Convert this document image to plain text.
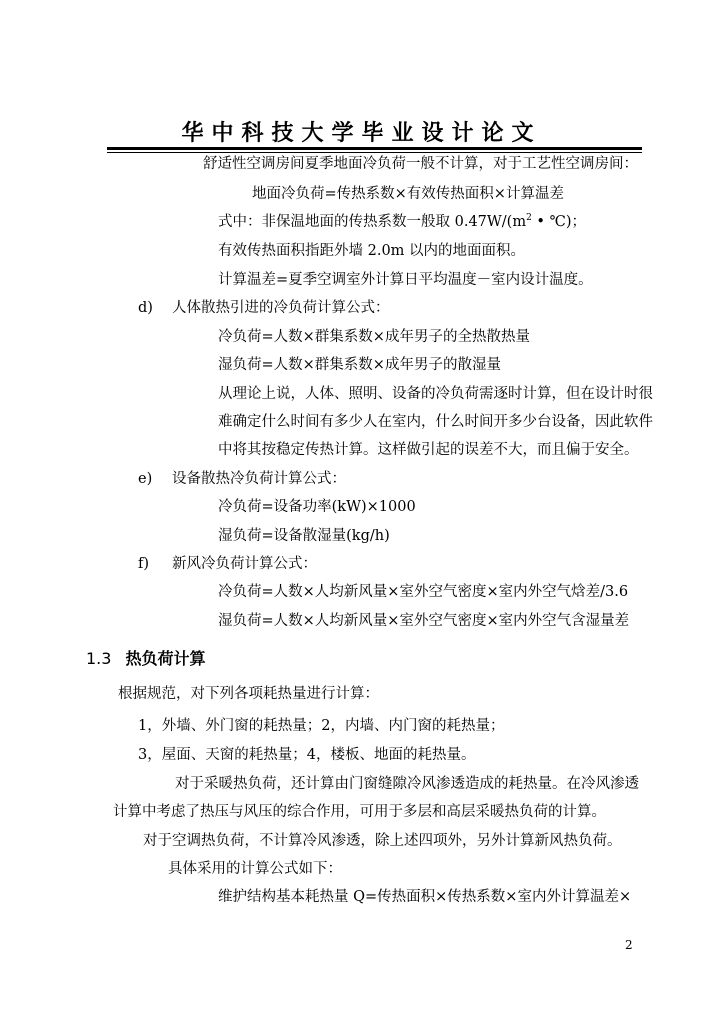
华中科技大学毕业设计论文
舒适性空调房间夏季地面冷负荷一般不计算，对于工艺性空调房间：
地面冷负荷=传热系数×有效传热面积×计算温差
式中：非保温地面的传热系数一般取 $0.47W/(m^2$ • ℃)；
有效传热面积指距外墙 2.0m 以内的地面面积。
计算温差=夏季空调室外计算日平均温度－室内设计温度。
d) 人体散热引进的冷负荷计算公式：
冷负荷=人数×群集系数×成年男子的全热散热量
湿负荷=人数×群集系数×成年男子的散湿量
从理论上说，人体、照明、设备的冷负荷需逐时计算，但在设计时很
难确定什么时间有多少人在室内，什么时间开多少台设备，因此软件
中将其按稳定传热计算。这样做引起的误差不大，而且偏于安全。
e) 设备散热冷负荷计算公式：
冷负荷=设备功率(kW)×1000
湿负荷=设备散湿量(kg/h)
f) 新风冷负荷计算公式：
冷负荷=人数×人均新风量×室外空气密度×室内外空气焓差/3.6
湿负荷=人数×人均新风量×室外空气密度×室内外空气含湿量差
1.3 热负荷计算
根据规范，对下列各项耗热量进行计算：
1，外墙、外门窗的耗热量；2，内墙、内门窗的耗热量；
3，屋面、天窗的耗热量；4，楼板、地面的耗热量。
对于采暖热负荷，还计算由门窗缝隙冷风渗透造成的耗热量。在冷风渗透
计算中考虑了热压与风压的综合作用，可用于多层和高层采暖热负荷的计算。
对于空调热负荷，不计算冷风渗透，除上述四项外，另外计算新风热负荷。
具体采用的计算公式如下：
维护结构基本耗热量 Q=传热面积×传热系数×室内外计算温差×
2
